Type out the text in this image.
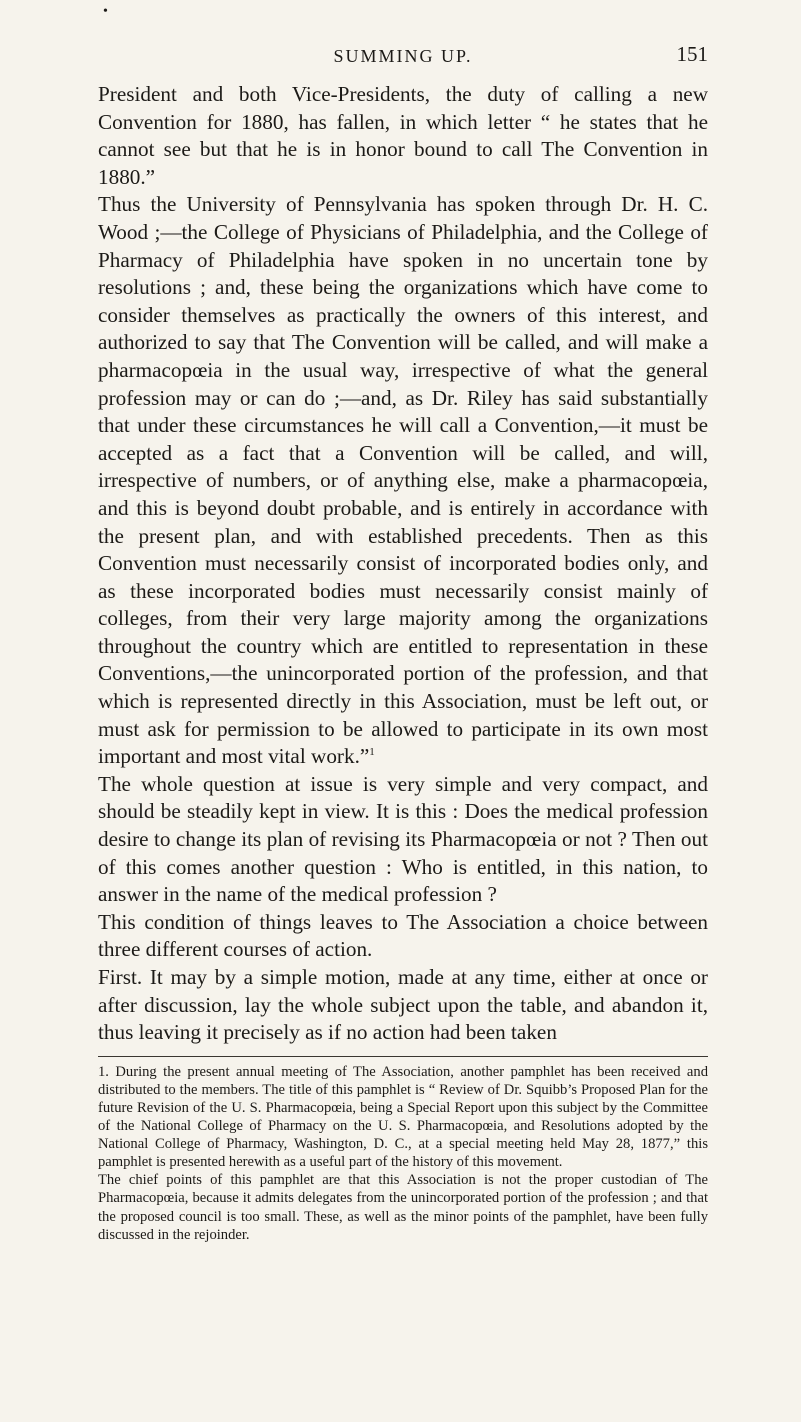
•
SUMMING UP.	151

President and both Vice-Presidents, the duty of calling a new Convention for 1880, has fallen, in which letter “ he states that he cannot see but that he is in honor bound to call The Convention in 1880.”

Thus the University of Pennsylvania has spoken through Dr. H. C. Wood ;—the College of Physicians of Philadelphia, and the College of Pharmacy of Philadelphia have spoken in no uncertain tone by resolutions ; and, these being the organizations which have come to consider themselves as practically the owners of this interest, and authorized to say that The Convention will be called, and will make a pharmacopœia in the usual way, irrespective of what the general profession may or can do ;—and, as Dr. Riley has said substantially that under these circumstances he will call a Convention,—it must be accepted as a fact that a Convention will be called, and will, irrespective of numbers, or of anything else, make a pharmacopœia, and this is beyond doubt probable, and is entirely in accordance with the present plan, and with established precedents. Then as this Convention must necessarily consist of incorporated bodies only, and as these incorporated bodies must necessarily consist mainly of colleges, from their very large majority among the organizations throughout the country which are entitled to representation in these Conventions,—the unincorporated portion of the profession, and that which is represented directly in this Association, must be left out, or must ask for permission to be allowed to participate in its own most important and most vital work.”$^1$

The whole question at issue is very simple and very compact, and should be steadily kept in view. It is this : Does the medical profession desire to change its plan of revising its Pharmacopœia or not ? Then out of this comes another question : Who is entitled, in this nation, to answer in the name of the medical profession ?

This condition of things leaves to The Association a choice between three different courses of action.

First. It may by a simple motion, made at any time, either at once or after discussion, lay the whole subject upon the table, and abandon it, thus leaving it precisely as if no action had been taken

1. During the present annual meeting of The Association, another pamphlet has been received and distributed to the members. The title of this pamphlet is “ Review of Dr. Squibb’s Proposed Plan for the future Revision of the U. S. Pharmacopœia, being a Special Report upon this subject by the Committee of the National College of Pharmacy on the U. S. Pharmacopœia, and Resolutions adopted by the National College of Pharmacy, Washington, D. C., at a special meeting held May 28, 1877,” this pamphlet is presented herewith as a useful part of the history of this movement.

The chief points of this pamphlet are that this Association is not the proper custodian of The Pharmacopœia, because it admits delegates from the unincorporated portion of the profession ; and that the proposed council is too small. These, as well as the minor points of the pamphlet, have been fully discussed in the rejoinder.
